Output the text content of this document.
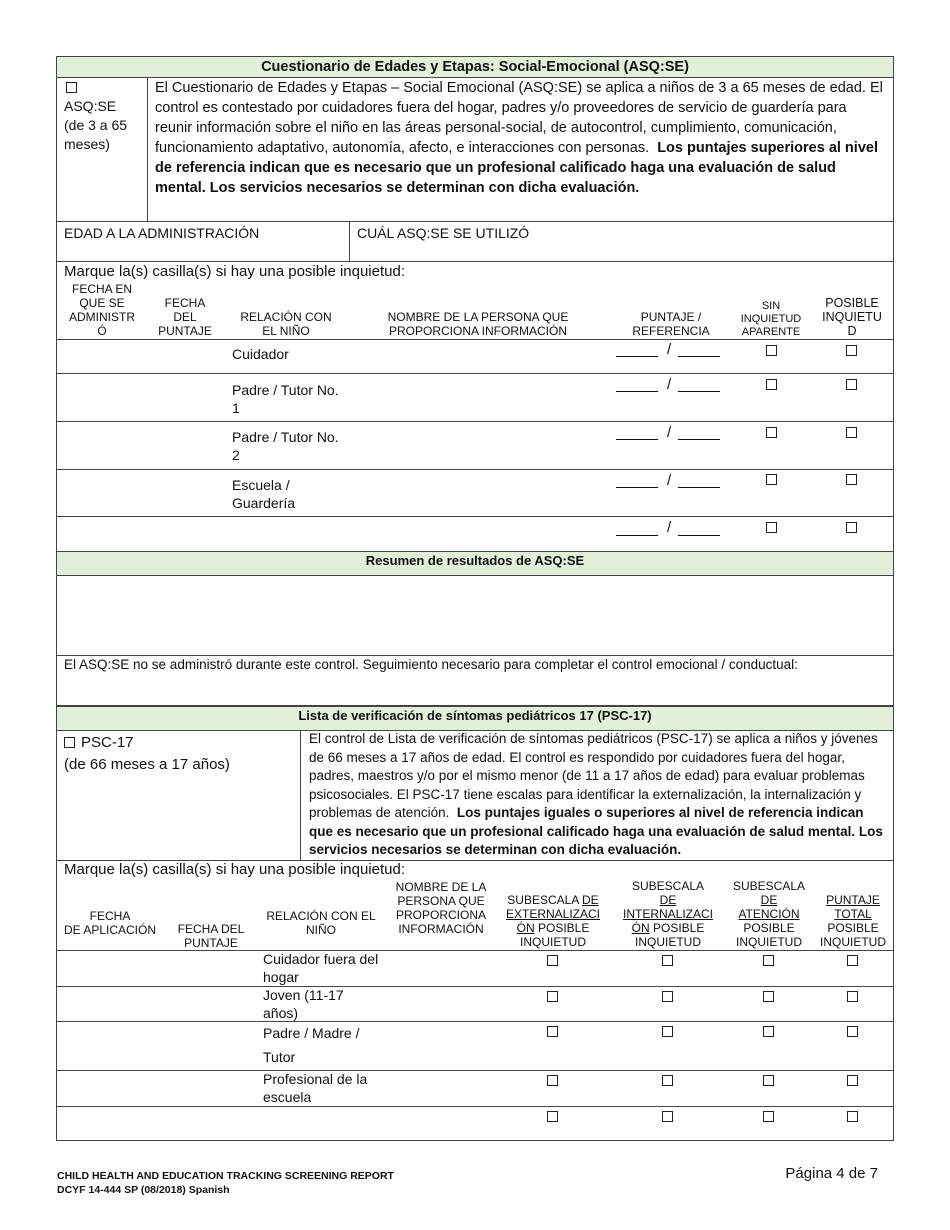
Cuestionario de Edades y Etapas: Social-Emocional (ASQ:SE)
ASQ:SE
(de 3 a 65
meses)
El Cuestionario de Edades y Etapas – Social Emocional (ASQ:SE) se aplica a niños de 3 a 65 meses de edad. El control es contestado por cuidadores fuera del hogar, padres y/o proveedores de servicio de guardería para reunir información sobre el niño en las áreas personal-social, de autocontrol, cumplimiento, comunicación, funcionamiento adaptativo, autonomía, afecto, e interacciones con personas. Los puntajes superiores al nivel de referencia indican que es necesario que un profesional calificado haga una evaluación de salud mental. Los servicios necesarios se determinan con dicha evaluación.
EDAD A LA ADMINISTRACIÓN	CUÁL ASQ:SE SE UTILIZÓ
Marque la(s) casilla(s) si hay una posible inquietud:
FECHA EN
QUE SE
ADMINISTR
Ó
FECHA
DEL
PUNTAJE
RELACIÓN CON
EL NIÑO
NOMBRE DE LA PERSONA QUE
PROPORCIONA INFORMACIÓN
PUNTAJE /
REFERENCIA
SIN
INQUIETUD
APARENTE
POSIBLE
INQUIETU
D
Cuidador
Padre / Tutor No.
1
Padre / Tutor No.
2
Escuela /
Guardería
/
/
/
/
/
Resumen de resultados de ASQ:SE
El ASQ:SE no se administró durante este control. Seguimiento necesario para completar el control emocional / conductual:
Lista de verificación de síntomas pediátricos 17 (PSC-17)
PSC-17
(de 66 meses a 17 años)
El control de Lista de verificación de síntomas pediátricos (PSC-17) se aplica a niños y jóvenes de 66 meses a 17 años de edad. El control es respondido por cuidadores fuera del hogar, padres, maestros y/o por el mismo menor (de 11 a 17 años de edad) para evaluar problemas psicosociales. El PSC-17 tiene escalas para identificar la externalización, la internalización y problemas de atención. Los puntajes iguales o superiores al nivel de referencia indican que es necesario que un profesional calificado haga una evaluación de salud mental. Los servicios necesarios se determinan con dicha evaluación.
Marque la(s) casilla(s) si hay una posible inquietud:
FECHA
DE APLICACIÓN	FECHA DEL
PUNTAJE
RELACIÓN CON EL
NIÑO
NOMBRE DE LA
PERSONA QUE
PROPORCIONA
INFORMACIÓN
SUBESCALA DE
EXTERNALIZACI
ÓN POSIBLE
INQUIETUD
SUBESCALA
DE
INTERNALIZACI
ÓN POSIBLE
INQUIETUD
SUBESCALA
DE
ATENCIÓN
POSIBLE
INQUIETUD
PUNTAJE
TOTAL
POSIBLE
INQUIETUD
Cuidador fuera del
hogar
Joven (11-17
años)
Padre / Madre /
Tutor
Profesional de la
escuela
CHILD HEALTH AND EDUCATION TRACKING SCREENING REPORT
DCYF 14-444 SP (08/2018) Spanish
Página 4 de 7
